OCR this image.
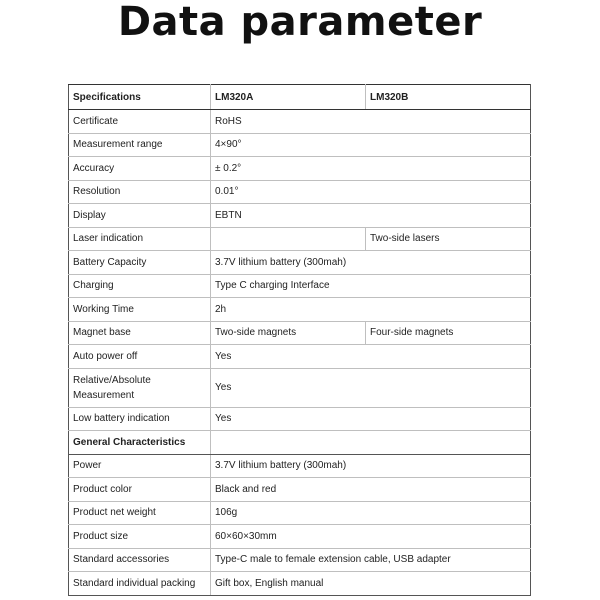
Data parameter
Specifications	LM320A	LM320B
Certificate	RoHS	
Measurement range	4×90°	
Accuracy	± 0.2°	
Resolution	0.01°	
Display	EBTN	
Laser indication		Two-side lasers
Battery Capacity	3.7V lithium battery (300mah)	
Charging	Type C charging Interface	
Working Time	2h	
Magnet base	Two-side magnets	Four-side magnets
Auto power off	Yes	
Relative/Absolute Measurement	Yes	
Low battery indication	Yes	
General Characteristics		
Power	3.7V lithium battery (300mah)	
Product color	Black and red	
Product net weight	106g	
Product size	60×60×30mm	
Standard accessories	Type-C male to female extension cable, USB adapter	
Standard individual packing	Gift box, English manual	
